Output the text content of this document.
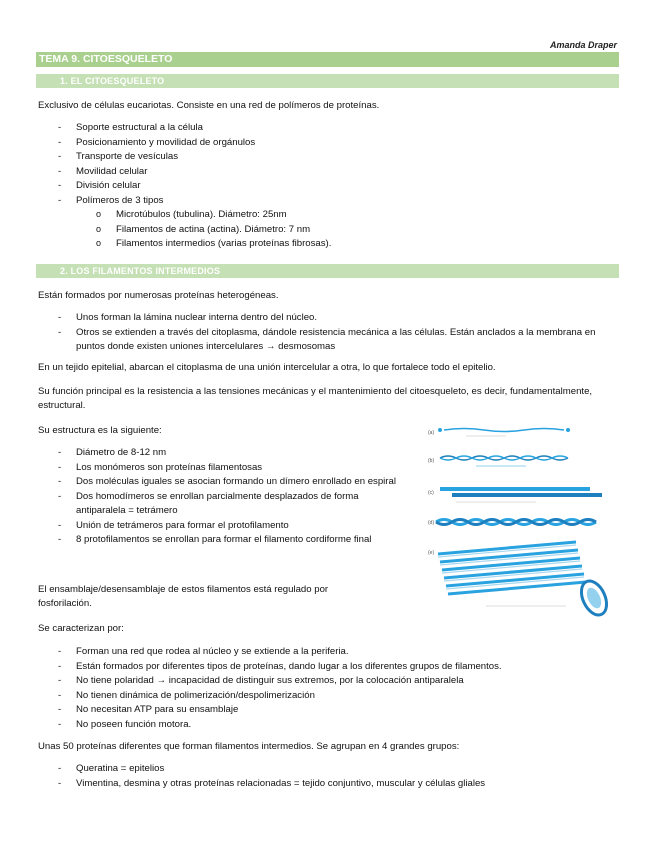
Amanda Draper
TEMA 9. CITOESQUELETO
1. EL CITOESQUELETO
Exclusivo de células eucariotas. Consiste en una red de polímeros de proteínas.
- Soporte estructural a la célula
- Posicionamiento y movilidad de orgánulos
- Transporte de vesículas
- Movilidad celular
- División celular
- Polímeros de 3 tipos
o Microtúbulos (tubulina). Diámetro: 25nm
o Filamentos de actina (actina). Diámetro: 7 nm
o Filamentos intermedios (varias proteínas fibrosas).
2. LOS FILAMENTOS INTERMEDIOS
Están formados por numerosas proteínas heterogéneas.
- Unos forman la lámina nuclear interna dentro del núcleo.
- Otros se extienden a través del citoplasma, dándole resistencia mecánica a las células. Están anclados a la membrana en puntos donde existen uniones intercelulares → desmosomas
En un tejido epitelial, abarcan el citoplasma de una unión intercelular a otra, lo que fortalece todo el epitelio.
Su función principal es la resistencia a las tensiones mecánicas y el mantenimiento del citoesqueleto, es decir, fundamentalmente, estructural.
Su estructura es la siguiente:
- Diámetro de 8-12 nm
- Los monómeros son proteínas filamentosas
- Dos moléculas iguales se asocian formando un dímero enrollado en espiral
- Dos homodímeros se enrollan parcialmente desplazados de forma antiparalela = tetrámero
- Unión de tetrámeros para formar el protofilamento
- 8 protofilamentos se enrollan para formar el filamento cordiforme final
El ensamblaje/desensamblaje de estos filamentos está regulado por fosforilación.
(a)
(b)
(c)
(d)
(e)
Se caracterizan por:
- Forman una red que rodea al núcleo y se extiende a la periferia.
- Están formados por diferentes tipos de proteínas, dando lugar a los diferentes grupos de filamentos.
- No tiene polaridad → incapacidad de distinguir sus extremos, por la colocación antiparalela
- No tienen dinámica de polimerización/despolimerización
- No necesitan ATP para su ensamblaje
- No poseen función motora.
Unas 50 proteínas diferentes que forman filamentos intermedios. Se agrupan en 4 grandes grupos:
- Queratina = epitelios
- Vimentina, desmina y otras proteínas relacionadas = tejido conjuntivo, muscular y células gliales
